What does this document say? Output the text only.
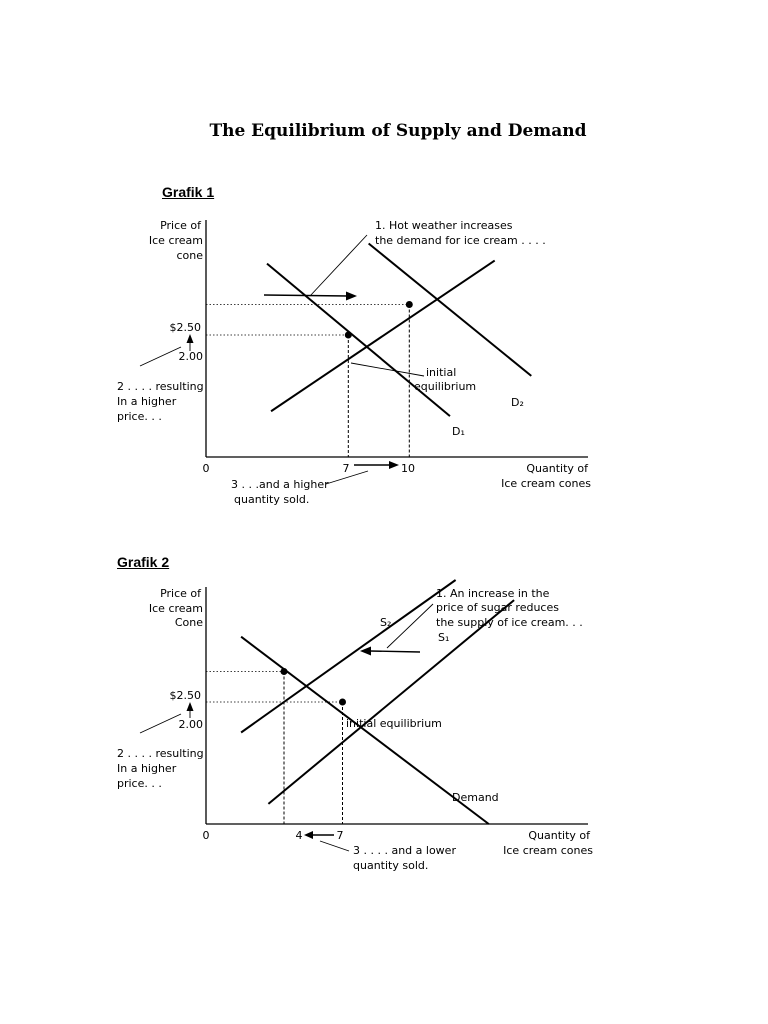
The Equilibrium of Supply and Demand
Grafik 1
Price of
Ice cream
cone
Quantity of
Ice cream cones
0
$2.50
2.00
7	10
D₁
D₂
1. Hot weather increases
the demand for ice cream . . . .
2 . . . . resulting
In a higher
price. . .
3 . . .and a higher
quantity sold.
initial
equilibrium
Grafik 2
Price of
Ice cream
Cone
Quantity of
Ice cream cones
0
$2.50
2.00
4	7
Demand
S₂
S₁
1. An increase in the
price of sugar reduces
the supply of ice cream. . .
2 . . . . resulting
In a higher
price. . .
3 . . . . and a lower
quantity sold.
initial equilibrium
